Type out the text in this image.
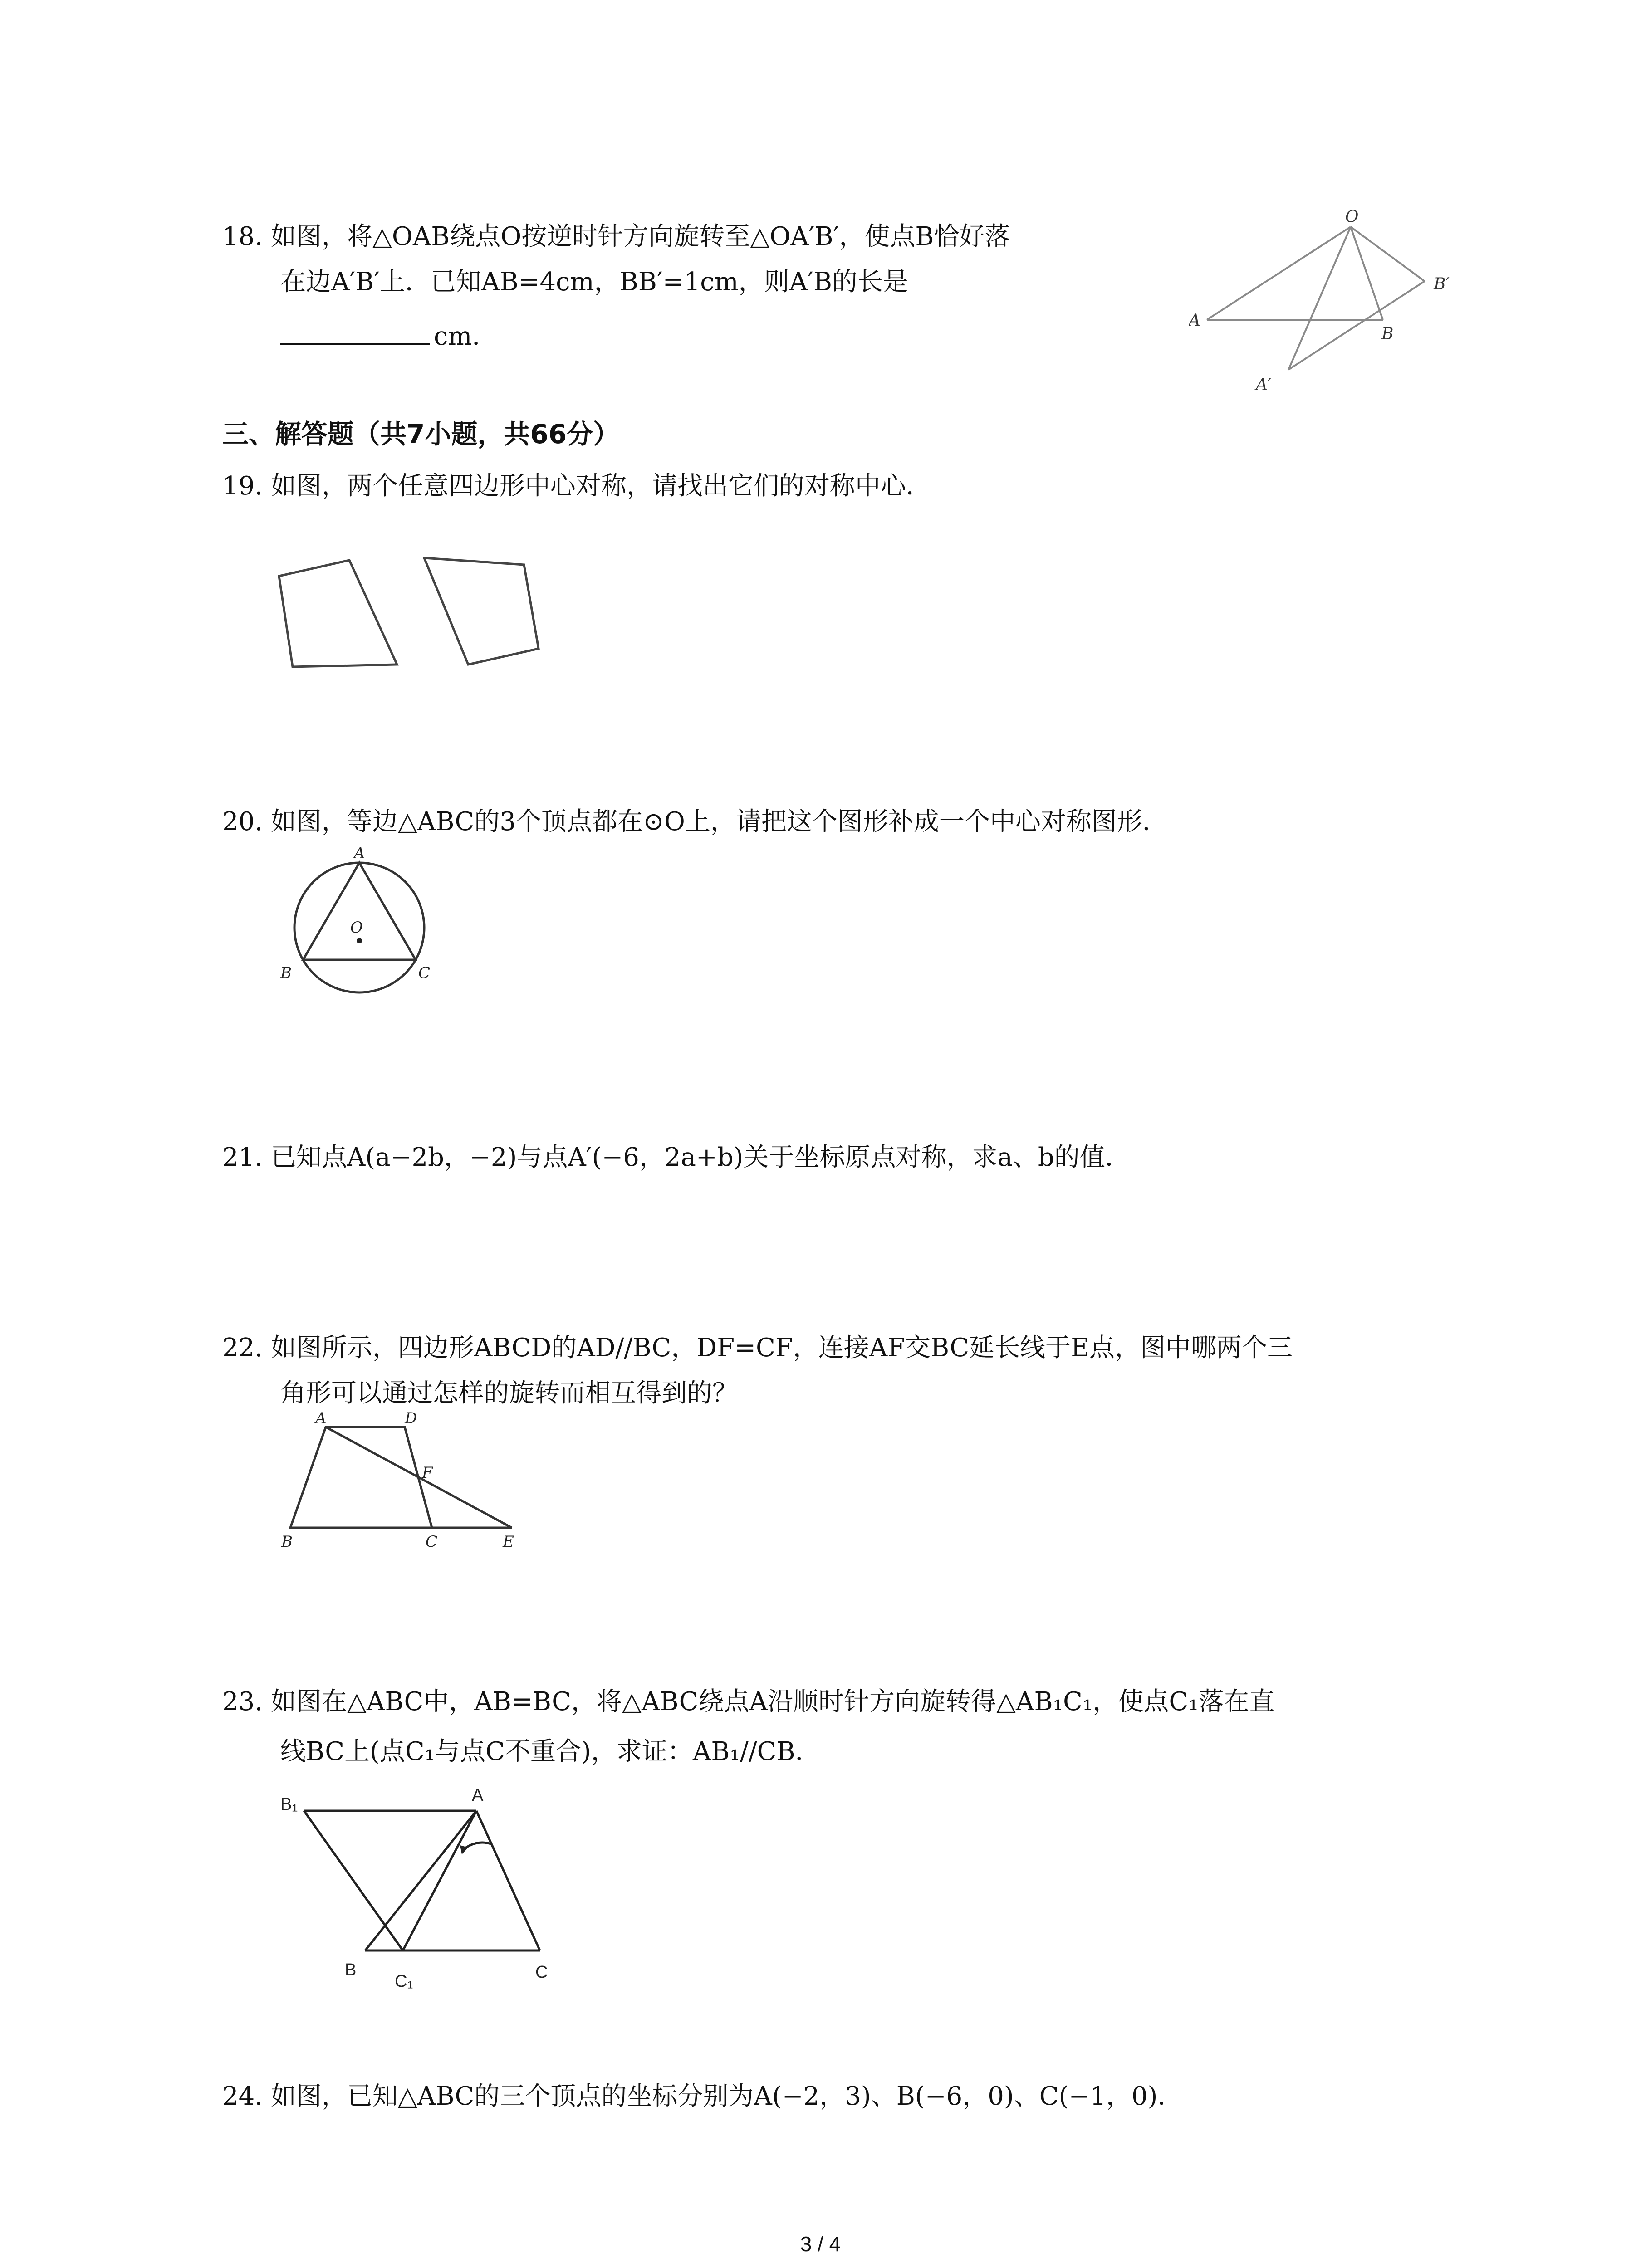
18. 如图，将△OAB绕点O按逆时针方向旋转至△OA′B′，使点B恰好落
在边A′B′上．已知AB=4cm，BB′=1cm，则A′B的长是
cm．
O
A
B
B′
A′
三、解答题（共7小题，共66分）
19. 如图，两个任意四边形中心对称，请找出它们的对称中心．
20. 如图，等边△ABC的3个顶点都在⊙O上，请把这个图形补成一个中心对称图形．
A
O
B	C
21. 已知点A(a−2b，−2)与点A′(−6，2a+b)关于坐标原点对称，求a、b的值．
22. 如图所示，四边形ABCD的AD//BC，DF=CF，连接AF交BC延长线于E点，图中哪两个三
角形可以通过怎样的旋转而相互得到的？
A	D
F
B	C	E
23. 如图在△ABC中，AB=BC，将△ABC绕点A沿顺时针方向旋转得△AB₁C₁，使点C₁落在直
线BC上(点C₁与点C不重合)，求证：AB₁//CB．
B₁	A
B
C₁	C
24. 如图，已知△ABC的三个顶点的坐标分别为A(−2，3)、B(−6，0)、C(−1，0)．
3 / 4
